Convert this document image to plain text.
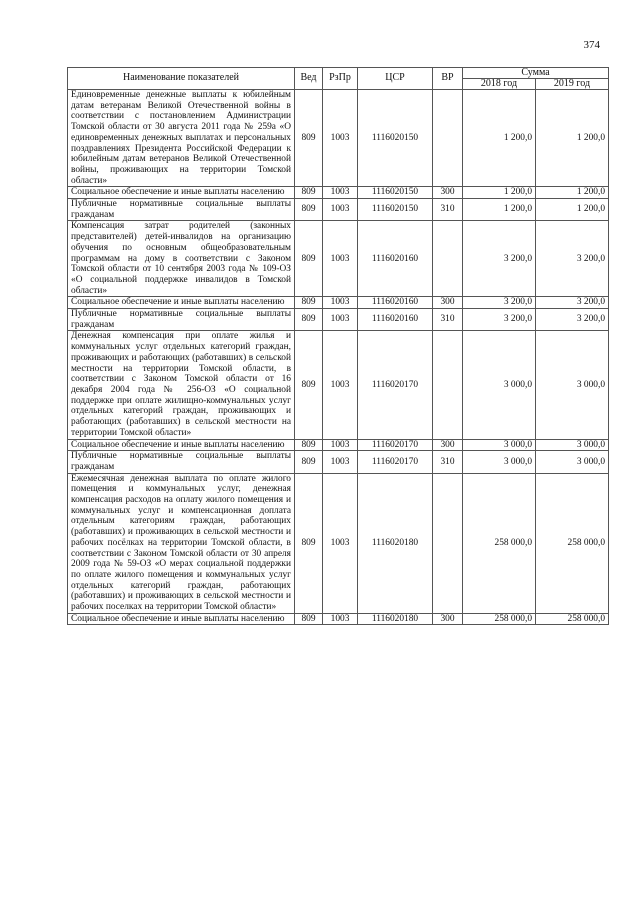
374
Наименование показателей	Вед	РзПр	ЦСР	ВР	Сумма	
					2018 год	2019 год
Единовременные денежные выплаты к юбилейным датам ветеранам Великой Отечественной войны в соответствии с постановлением Администрации Томской области от 30 августа 2011 года № 259а «О единовременных денежных выплатах и персональных поздравлениях Президента Российской Федерации к юбилейным датам ветеранов Великой Отечественной войны, проживающих на территории Томской области»	809	1003	1116020150		1 200,0	1 200,0
Социальное обеспечение и иные выплаты населению	809	1003	1116020150	300	1 200,0	1 200,0
Публичные нормативные социальные выплаты гражданам	809	1003	1116020150	310	1 200,0	1 200,0
Компенсация затрат родителей (законных представителей) детей-инвалидов на организацию обучения по основным общеобразовательным программам на дому в соответствии с Законом Томской области от 10 сентября 2003 года № 109-ОЗ «О социальной поддержке инвалидов в Томской области»	809	1003	1116020160		3 200,0	3 200,0
Социальное обеспечение и иные выплаты населению	809	1003	1116020160	300	3 200,0	3 200,0
Публичные нормативные социальные выплаты гражданам	809	1003	1116020160	310	3 200,0	3 200,0
Денежная компенсация при оплате жилья и коммунальных услуг отдельных категорий граждан, проживающих и работающих (работавших) в сельской местности на территории Томской области, в соответствии с Законом Томской области от 16 декабря 2004 года № 256-ОЗ «О социальной поддержке при оплате жилищно-коммунальных услуг отдельных категорий граждан, проживающих и работающих (работавших) в сельской местности на территории Томской области»	809	1003	1116020170		3 000,0	3 000,0
Социальное обеспечение и иные выплаты населению	809	1003	1116020170	300	3 000,0	3 000,0
Публичные нормативные социальные выплаты гражданам	809	1003	1116020170	310	3 000,0	3 000,0
Ежемесячная денежная выплата по оплате жилого помещения и коммунальных услуг, денежная компенсация расходов на оплату жилого помещения и коммунальных услуг и компенсационная доплата отдельным категориям граждан, работающих (работавших) и проживающих в сельской местности и рабочих посёлках на территории Томской области, в соответствии с Законом Томской области от 30 апреля 2009 года № 59-ОЗ «О мерах социальной поддержки по оплате жилого помещения и коммунальных услуг отдельных категорий граждан, работающих (работавших) и проживающих в сельской местности и рабочих поселках на территории Томской области»	809	1003	1116020180		258 000,0	258 000,0
Социальное обеспечение и иные выплаты населению	809	1003	1116020180	300	258 000,0	258 000,0
